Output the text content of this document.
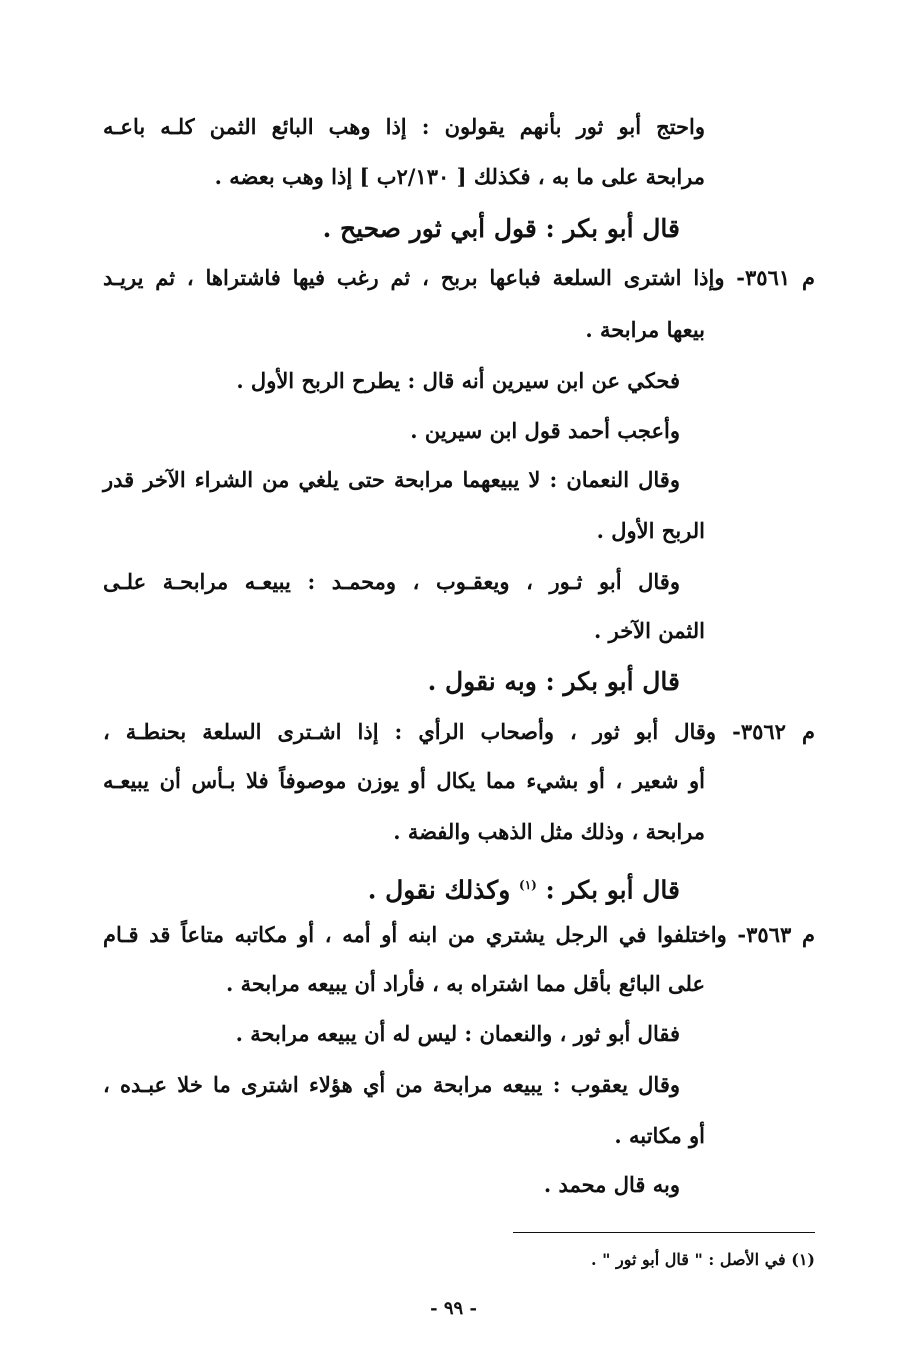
واحتج أبو ثور بأنهم يقولون : إذا وهب البائع الثمن كلـه باعـه
مرابحة على ما به ، فكذلك [ ٢/١٣٠ب ] إذا وهب بعضه .
قال أبو بكر : قول أبي ثور صحيح .
م ٣٥٦١- وإذا اشترى السلعة فباعها بربح ، ثم رغب فيها فاشتراها ، ثم يريـد
بيعها مرابحة .
فحكي عن ابن سيرين أنه قال : يطرح الربح الأول .
وأعجب أحمد قول ابن سيرين .
وقال النعمان : لا يبيعهما مرابحة حتى يلغي من الشراء الآخر قدر
الربح الأول .
وقال أبو ثـور ، ويعقـوب ، ومحمـد : يبيعـه مرابحـة علـى
الثمن الآخر .
قال أبو بكر : وبه نقول .
م ٣٥٦٢- وقال أبو ثور ، وأصحاب الرأي : إذا اشـترى السلعة بحنطـة ،
أو شعير ، أو بشيء مما يكال أو يوزن موصوفاً فلا بـأس أن يبيعـه
مرابحة ، وذلك مثل الذهب والفضة .
قال أبو بكر : $^{(١)}$ وكذلك نقول .
م ٣٥٦٣- واختلفوا في الرجل يشتري من ابنه أو أمه ، أو مكاتبه متاعاً قد قـام
على البائع بأقل مما اشتراه به ، فأراد أن يبيعه مرابحة .
فقال أبو ثور ، والنعمان : ليس له أن يبيعه مرابحة .
وقال يعقوب : يبيعه مرابحة من أي هؤلاء اشترى ما خلا عبـده ،
أو مكاتبه .
وبه قال محمد .
(١) في الأصل : " قال أبو ثور " .
- ٩٩ -
